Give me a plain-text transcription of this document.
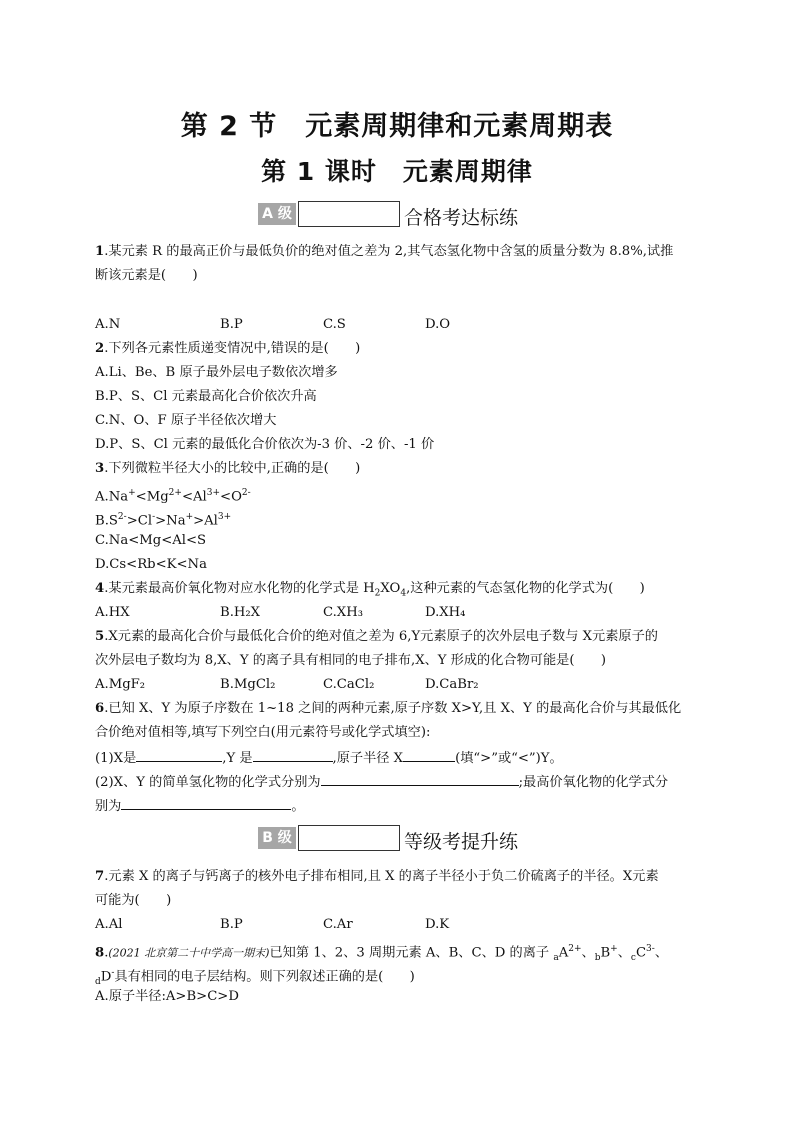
第 2 节　元素周期律和元素周期表
第 1 课时　元素周期律
A 级	合格考达标练
1.某元素 R 的最高正价与最低负价的绝对值之差为 2,其气态氢化物中含氢的质量分数为 8.8%,试推
断该元素是(　　)
A.N	B.P	C.S	D.O
2.下列各元素性质递变情况中,错误的是(　　)
A.Li、Be、B 原子最外层电子数依次增多
B.P、S、Cl 元素最高化合价依次升高
C.N、O、F 原子半径依次增大
D.P、S、Cl 元素的最低化合价依次为-3 价、-2 价、-1 价
3.下列微粒半径大小的比较中,正确的是(　　)
$A.Na^+<Mg^{2+}<Al^{3+}<O^{2-}$
$B.S^{2-}>Cl^->Na^+>Al^{3+}$
C.Na<Mg<Al<S
D.Cs<Rb<K<Na
4.某元素最高价氧化物对应水化物的化学式是 $H_2XO_4$,这种元素的气态氢化物的化学式为(　　)
A.HX	B.H₂X	C.XH₃	D.XH₄
5.X元素的最高化合价与最低化合价的绝对值之差为 6,Y元素原子的次外层电子数与 X元素原子的
次外层电子数均为 8,X、Y 的离子具有相同的电子排布,X、Y 形成的化合物可能是(　　)
A.MgF₂	B.MgCl₂	C.CaCl₂	D.CaBr₂
6.已知 X、Y 为原子序数在 1~18 之间的两种元素,原子序数 X>Y,且 X、Y 的最高化合价与其最低化
合价绝对值相等,填写下列空白(用元素符号或化学式填空):
(1)X是	,Y 是	,原子半径 X	(填“>”或“<”)Y。
(2)X、Y 的简单氢化物的化学式分别为	;最高价氧化物的化学式分
别为	。
B 级	等级考提升练
7.元素 X 的离子与钙离子的核外电子排布相同,且 X 的离子半径小于负二价硫离子的半径。X元素
可能为(　　)
A.Al	B.P	C.Ar	D.K
8.(2021 北京第二十中学高一期末)已知第 1、2、3 周期元素 A、B、C、D 的离子 $_aA^{2+}$、$_b$B+、$_cC^{3-}$、
$_d$D-具有相同的电子层结构。则下列叙述正确的是(　　)
A.原子半径:A>B>C>D
